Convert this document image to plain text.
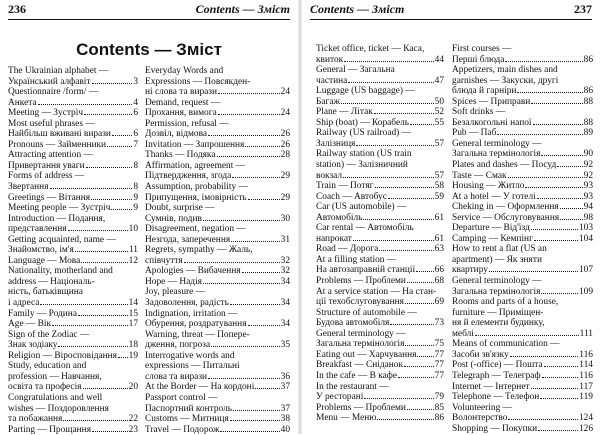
236	Contents — Зміст
Contents — Зміст
The Ukrainian alphabet —
Український алфавіт	3
Questionnaire /form/ —
Анкета	4
Meeting — Зустріч	6
Most useful phrases —
Найбільш вживані вирази 6
Pronouns — Займенники	7
Attracting attention —
Привертання уваги	8
Forms of address —
Звертання	8
Greetings — Вітання	9
Meeting people — Зустріч 9
Introduction — Подання,
представлення	10
Getting acquainted, name —
Знайомство, ім'я	11
Language — Мова	12
Nationality, motherland and
address — Національ-
ність, батьківщина
і адреса	14
Family — Родина	15
Age — Вік	17
Sign of the Zodiac —
Знак зодіаку	18
Religion — Віросповідання 19
Study, education and
profession — Навчання,
освіта та професія	20
Congratulations and well
wishes — Поздоровлення
та побажання	22
Parting — Прощання	23
Everyday Words and
Expressions — Повсякден-
ні слова та вирази	24
Demand, request —
Прохання, вимога	24
Permission, refusal —
Дозвіл, відмова	26
Invitation — Запрошення	26
Thanks — Подяка	28
Affirmation, agreement —
Підтвердження, згода	29
Assumption, probability —
Припущення, імовірність	29
Doubt, surprise —
Сумнів, подив	30
Disagreement, negation —
Незгода, заперечення	31
Regrets, sympathy — Жаль,
співчуття	32
Apologies — Вибачення	32
Hope — Надія	34
Joy, pleasure —
Задоволення, радість	34
Indignation, irritation —
Обурення, роздратування	34
Warning, threat — Попере-
дження, погроза	35
Interrogative words and
expressions — Питальні
слова та вирази	36
At the Border — На кордоні	37
Passport control —
Паспортний контроль	37
Customs — Митниця	38
Travel — Подорож	40
Contents — Зміст	237
Ticket office, ticket — Каса,
квиток	44
General — Загальна
частина	47
Luggage (US baggage) —
Багаж	50
Plane — Літак	52
Ship (boat) — Корабель	55
Railway (US railroad) —
Залізниця	57
Railway station (US train
station) — Залізничний
вокзал	57
Train — Потяг	58
Coach — Автобус	59
Car (US automobile) —
Автомобіль	61
Car rental — Автомобіль
напрокат	61
Road — Дорога	63
At a filling station —
На автозаправній станції 66
Problems — Проблеми	68
At a service station — На стан-
ції техобслуговування	69
Structure of automobile —
Будова автомобіля	73
General terminology —
Загальна термінологія	75
Eating out — Харчування 77
Breakfast — Сніданок	77
In the cafe — В кафе	77
In the restaurant —
У ресторані	79
Problems — Проблеми	85
Menu — Меню	86
First courses —
Перші блюда	86
Appetizers, main dishes and
garnishes — Закуски, другі
блюда й гарніри	86
Spices — Приправи	88
Soft drinks —
Безалкогольні напої	88
Pub — Паб	89
General terminology —
Загальна термінологія	90
Plates and dashes — Посуд	92
Taste — Смак	92
Housing — Житло	93
At a hotel — У готелі	93
Cheking in — Оформлення	94
Service — Обслуговування	98
Departure — Від'їзд	103
Camping — Кемпінг	104
How to rent a flat (US an
apartment) — Як зняти
квартиру	107
General terminology —
Загальна термінологія	109
Rooms and parts of a house,
furniture — Приміщен-
ня й елементи будинку,
меблі	111
Means of communication —
Засоби зв'язку	116
Post (-office) — Пошта	114
Telegraph — Телеграф	116
Internet — Інтернет	117
Telephone — Телефон	119
Volunteering —
Волонтерство	124
Shopping — Покупки	126
